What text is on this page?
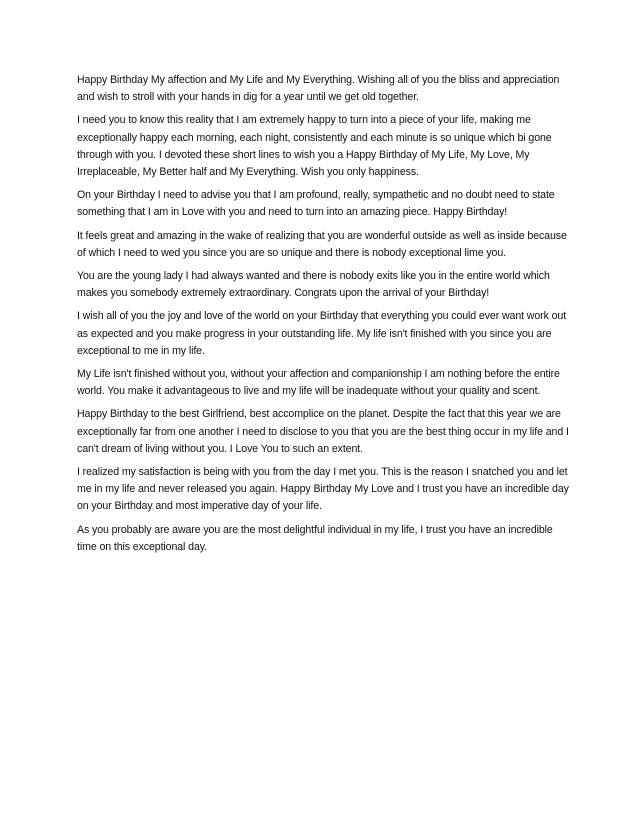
Happy Birthday My affection and My Life and My Everything. Wishing all of you the bliss and appreciation and wish to stroll with your hands in dig for a year until we get old together.

I need you to know this reality that I am extremely happy to turn into a piece of your life, making me exceptionally happy each morning, each night, consistently and each minute is so unique which bi gone through with you. I devoted these short lines to wish you a Happy Birthday of My Life, My Love, My Irreplaceable, My Better half and My Everything. Wish you only happiness.

On your Birthday I need to advise you that I am profound, really, sympathetic and no doubt need to state something that I am in Love with you and need to turn into an amazing piece. Happy Birthday!

It feels great and amazing in the wake of realizing that you are wonderful outside as well as inside because of which I need to wed you since you are so unique and there is nobody exceptional lime you.

You are the young lady I had always wanted and there is nobody exits like you in the entire world which makes you somebody extremely extraordinary. Congrats upon the arrival of your Birthday!

I wish all of you the joy and love of the world on your Birthday that everything you could ever want work out as expected and you make progress in your outstanding life. My life isn't finished with you since you are exceptional to me in my life.

My Life isn't finished without you, without your affection and companionship I am nothing before the entire world. You make it advantageous to live and my life will be inadequate without your quality and scent.

Happy Birthday to the best Girlfriend, best accomplice on the planet. Despite the fact that this year we are exceptionally far from one another I need to disclose to you that you are the best thing occur in my life and I can't dream of living without you. I Love You to such an extent.

I realized my satisfaction is being with you from the day I met you. This is the reason I snatched you and let me in my life and never released you again. Happy Birthday My Love and I trust you have an incredible day on your Birthday and most imperative day of your life.

As you probably are aware you are the most delightful individual in my life, I trust you have an incredible time on this exceptional day.
